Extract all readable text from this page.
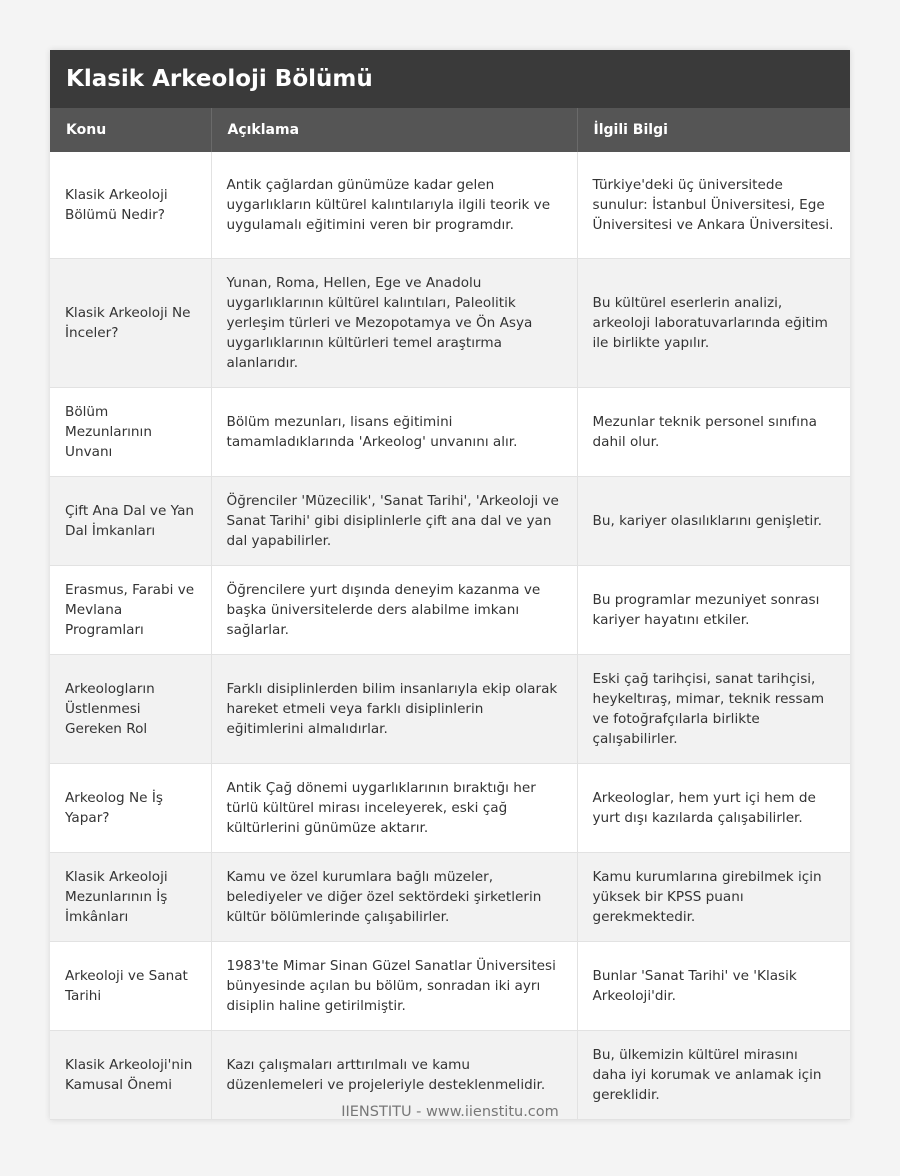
Klasik Arkeoloji Bölümü
Konu	Açıklama	İlgili Bilgi
Klasik Arkeoloji Bölümü Nedir?	Antik çağlardan günümüze kadar gelen uygarlıkların kültürel kalıntılarıyla ilgili teorik ve uygulamalı eğitimini veren bir programdır.	Türkiye'deki üç üniversitede sunulur: İstanbul Üniversitesi, Ege Üniversitesi ve Ankara Üniversitesi.
Klasik Arkeoloji Ne İnceler?	Yunan, Roma, Hellen, Ege ve Anadolu uygarlıklarının kültürel kalıntıları, Paleolitik yerleşim türleri ve Mezopotamya ve Ön Asya uygarlıklarının kültürleri temel araştırma alanlarıdır.	Bu kültürel eserlerin analizi, arkeoloji laboratuvarlarında eğitim ile birlikte yapılır.
Bölüm Mezunlarının Unvanı	Bölüm mezunları, lisans eğitimini tamamladıklarında 'Arkeolog' unvanını alır.	Mezunlar teknik personel sınıfına dahil olur.
Çift Ana Dal ve Yan Dal İmkanları	Öğrenciler 'Müzecilik', 'Sanat Tarihi', 'Arkeoloji ve Sanat Tarihi' gibi disiplinlerle çift ana dal ve yan dal yapabilirler.	Bu, kariyer olasılıklarını genişletir.
Erasmus, Farabi ve Mevlana Programları	Öğrencilere yurt dışında deneyim kazanma ve başka üniversitelerde ders alabilme imkanı sağlarlar.	Bu programlar mezuniyet sonrası kariyer hayatını etkiler.
Arkeologların Üstlenmesi Gereken Rol	Farklı disiplinlerden bilim insanlarıyla ekip olarak hareket etmeli veya farklı disiplinlerin eğitimlerini almalıdırlar.	Eski çağ tarihçisi, sanat tarihçisi, heykeltıraş, mimar, teknik ressam ve fotoğrafçılarla birlikte çalışabilirler.
Arkeolog Ne İş Yapar?	Antik Çağ dönemi uygarlıklarının bıraktığı her türlü kültürel mirası inceleyerek, eski çağ kültürlerini günümüze aktarır.	Arkeologlar, hem yurt içi hem de yurt dışı kazılarda çalışabilirler.
Klasik Arkeoloji Mezunlarının İş İmkânları	Kamu ve özel kurumlara bağlı müzeler, belediyeler ve diğer özel sektördeki şirketlerin kültür bölümlerinde çalışabilirler.	Kamu kurumlarına girebilmek için yüksek bir KPSS puanı gerekmektedir.
Arkeoloji ve Sanat Tarihi	1983'te Mimar Sinan Güzel Sanatlar Üniversitesi bünyesinde açılan bu bölüm, sonradan iki ayrı disiplin haline getirilmiştir.	Bunlar 'Sanat Tarihi' ve 'Klasik Arkeoloji'dir.
Klasik Arkeoloji'nin Kamusal Önemi	Kazı çalışmaları arttırılmalı ve kamu düzenlemeleri ve projeleriyle desteklenmelidir.	Bu, ülkemizin kültürel mirasını daha iyi korumak ve anlamak için gereklidir.
IIENSTITU - www.iienstitu.com
